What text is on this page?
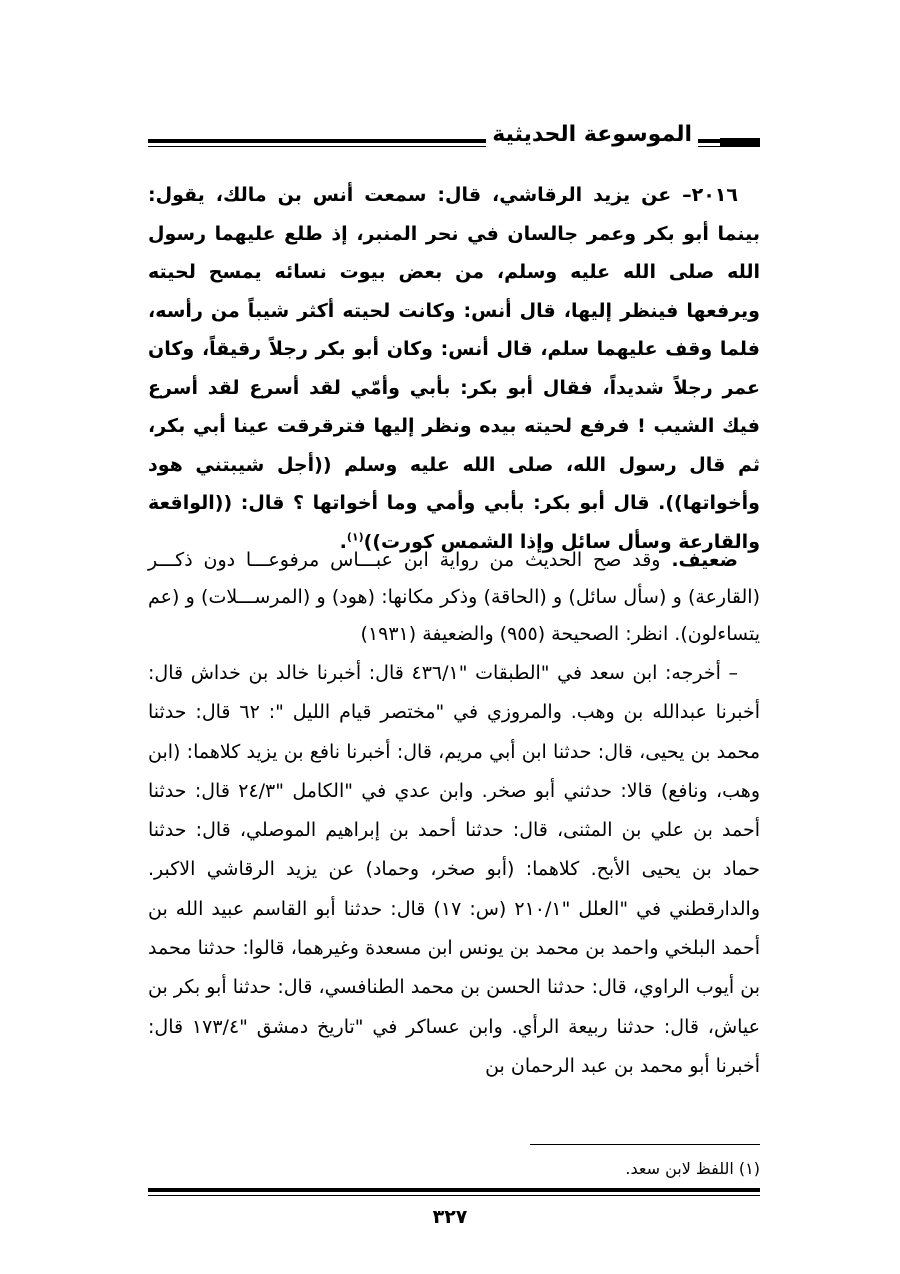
الموسوعة الحديثية

٢٠١٦– عن يزيد الرقاشي، قال: سمعت أنس بن مالك، يقول: بينما أبو بكر وعمر جالسان في نحر المنبر، إذ طلع عليهما رسول الله صلى الله عليه وسلم، من بعض بيوت نسائه يمسح لحيته ويرفعها فينظر إليها، قال أنس: وكانت لحيته أكثر شيباً من رأسه، فلما وقف عليهما سلم، قال أنس: وكان أبو بكر رجلاً رقيقاً، وكان عمر رجلاً شديداً، فقال أبو بكر: بأبي وأمّي لقد أسرع لقد أسرع فيك الشيب ! فرفع لحيته بيده ونظر إليها فترقرقت عينا أبي بكر، ثم قال رسول الله، صلى الله عليه وسلم ((أجل شيبتني هود وأخواتها)). قال أبو بكر: بأبي وأمي وما أخواتها ؟ قال: ((الواقعة والقارعة وسأل سائل وإذا الشمس كورت))$^{(١)}$.

ضعيف. وقد صح الحديث من رواية ابن عبـــاس مرفوعـــا دون ذكـــر (القارعة) و (سأل سائل) و (الحاقة) وذكر مكانها: (هود) و (المرســـلات) و (عم يتساءلون). انظر: الصحيحة (٩٥٥) والضعيفة (١٩٣١)

– أخرجه: ابن سعد في "الطبقات "٤٣٦/١ قال: أخبرنا خالد بن خداش قال: أخبرنا عبدالله بن وهب. والمروزي في "مختصر قيام الليل ": ٦٢ قال: حدثنا محمد بن يحيى، قال: حدثنا ابن أبي مريم، قال: أخبرنا نافع بن يزيد كلاهما: (ابن وهب، ونافع) قالا: حدثني أبو صخر. وابن عدي في "الكامل "٢٤/٣ قال: حدثنا أحمد بن علي بن المثنى، قال: حدثنا أحمد بن إبراهيم الموصلي، قال: حدثنا حماد بن يحيى الأبح. كلاهما: (أبو صخر، وحماد) عن يزيد الرقاشي الاكبر. والدارقطني في "العلل "٢١٠/١ (س: ١٧) قال: حدثنا أبو القاسم عبيد الله بن أحمد البلخي واحمد بن محمد بن يونس ابن مسعدة وغيرهما، قالوا: حدثنا محمد بن أيوب الراوي، قال: حدثنا الحسن بن محمد الطنافسي، قال: حدثنا أبو بكر بن عياش، قال: حدثنا ربيعة الرأي. وابن عساكر في "تاريخ دمشق "١٧٣/٤ قال: أخبرنا أبو محمد بن عبد الرحمان بن

(١) اللفظ لابن سعد.
٣٢٧
